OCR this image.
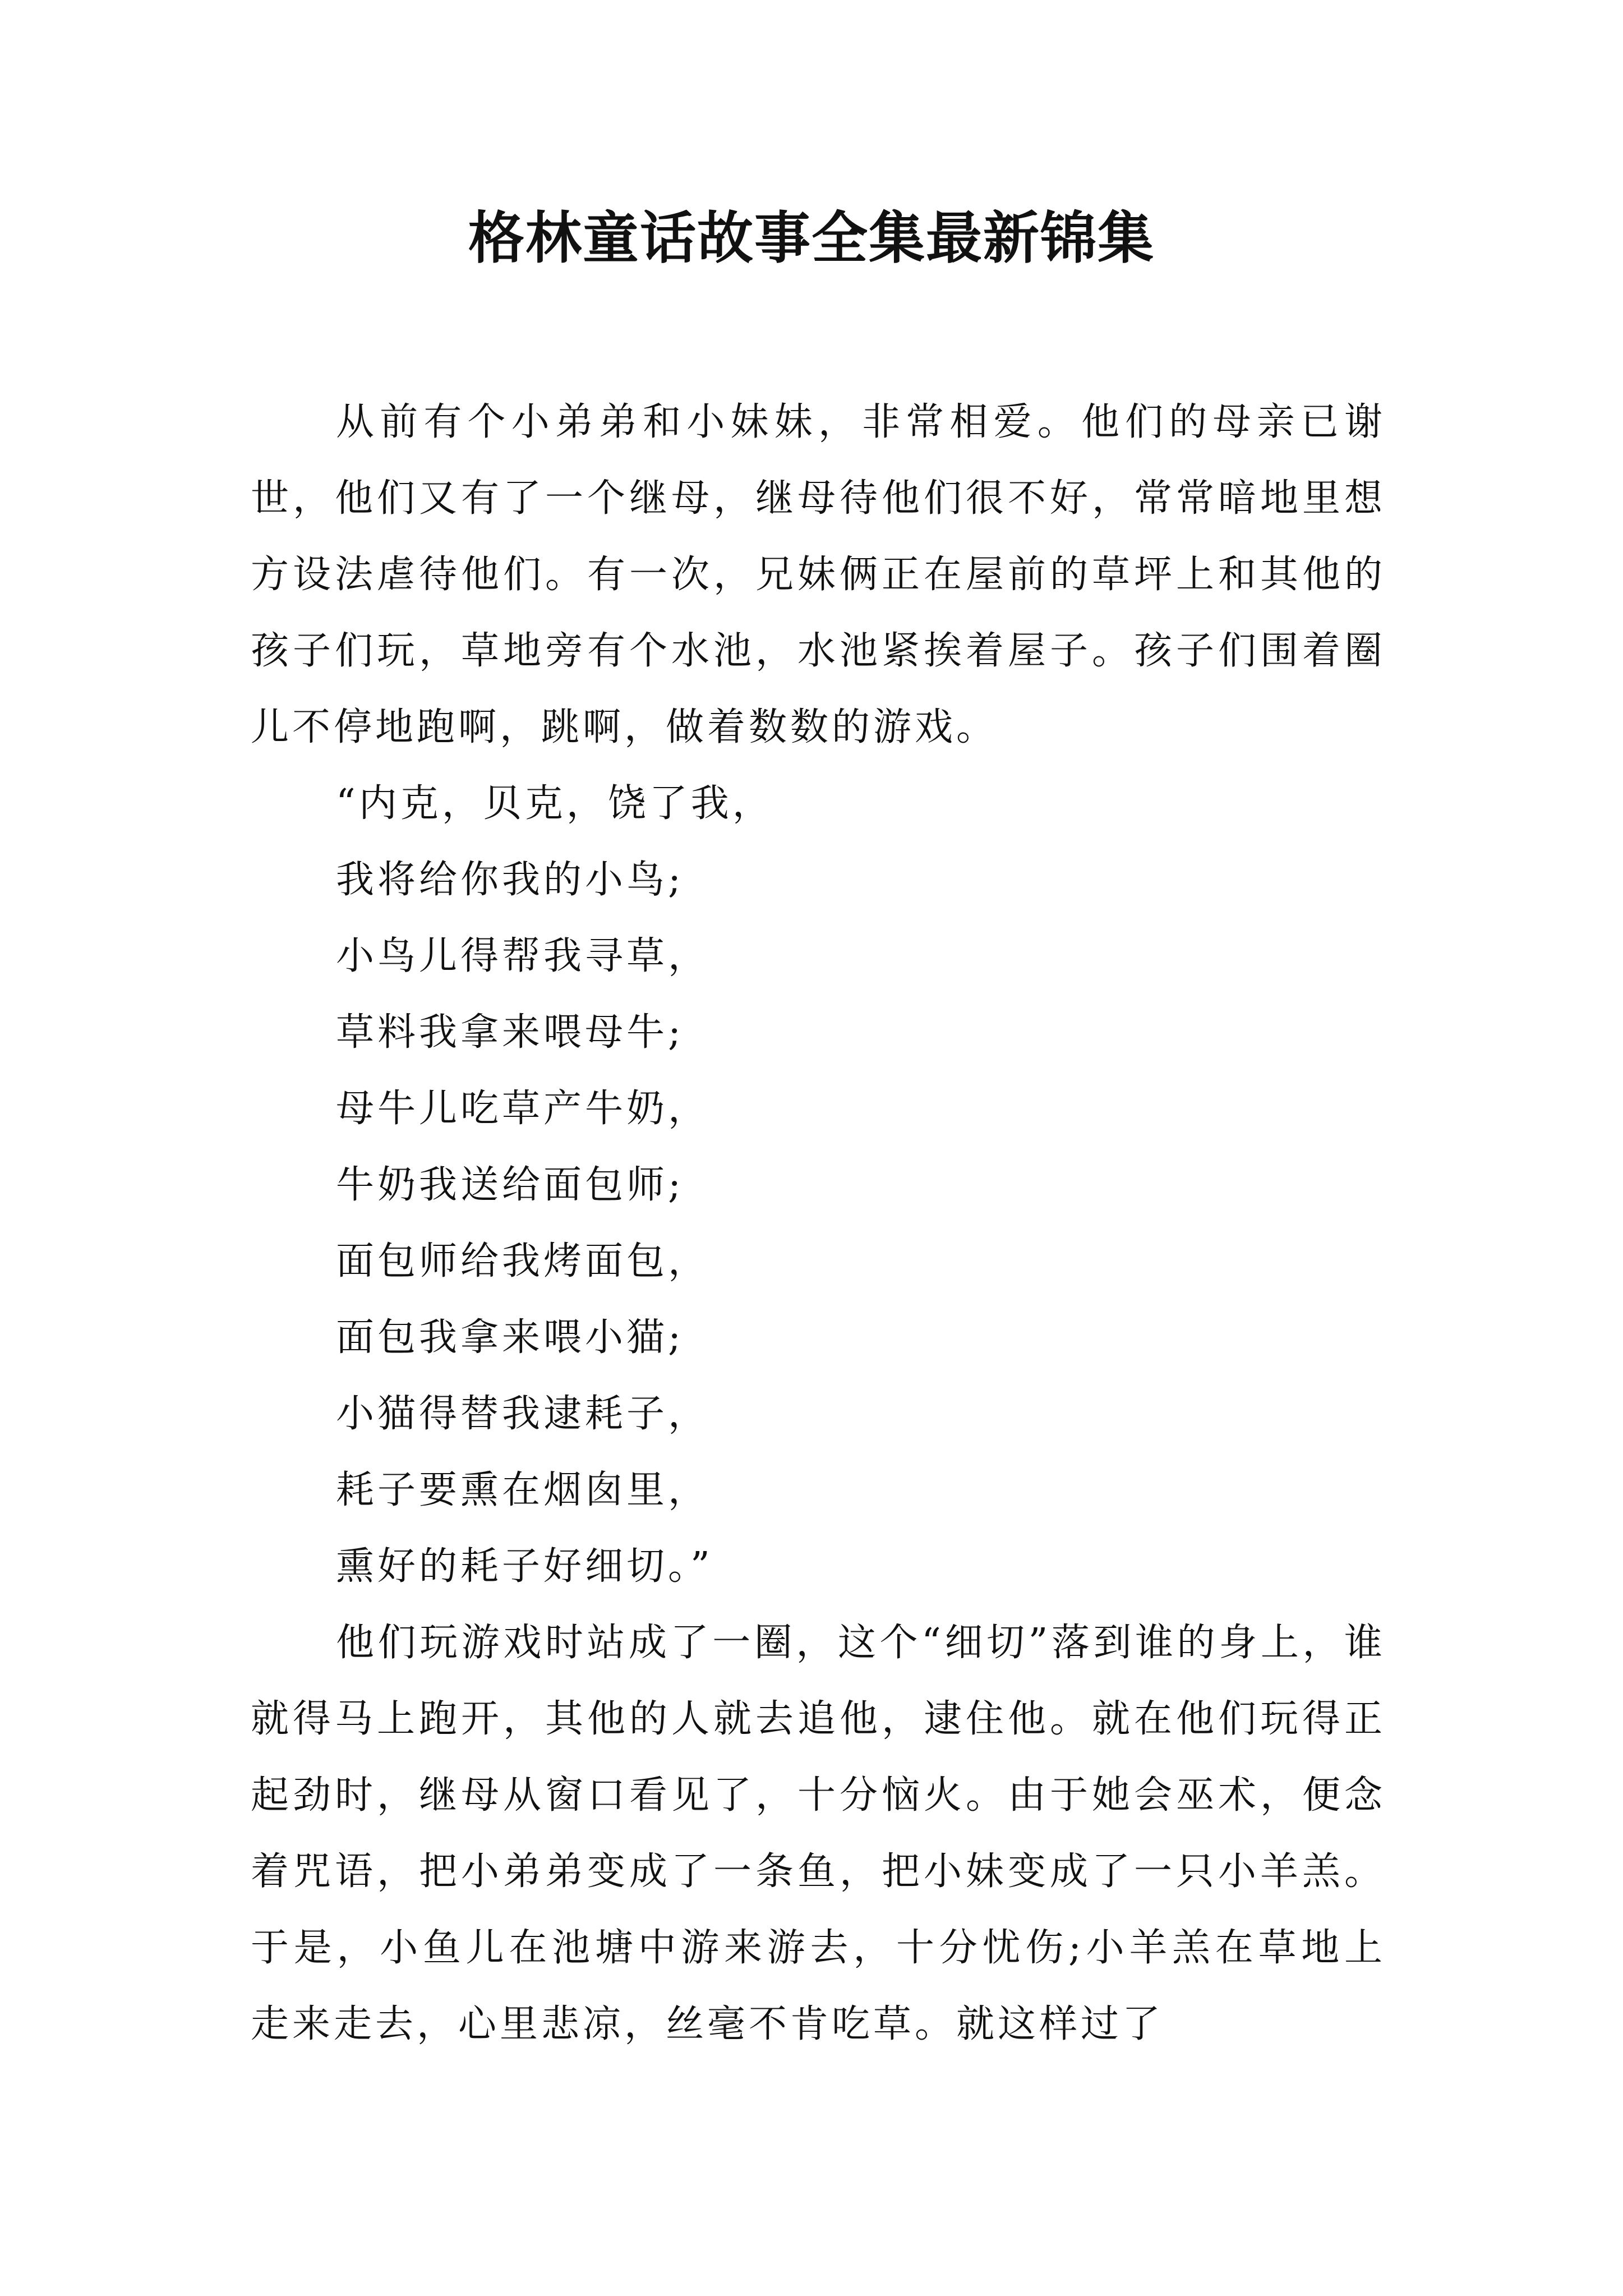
格林童话故事全集最新锦集

从前有个小弟弟和小妹妹，非常相爱。他们的母亲已谢世，他们又有了一个继母，继母待他们很不好，常常暗地里想方设法虐待他们。有一次，兄妹俩正在屋前的草坪上和其他的孩子们玩，草地旁有个水池，水池紧挨着屋子。孩子们围着圈儿不停地跑啊，跳啊，做着数数的游戏。

“内克，贝克，饶了我，

我将给你我的小鸟;

小鸟儿得帮我寻草，

草料我拿来喂母牛;

母牛儿吃草产牛奶，

牛奶我送给面包师;

面包师给我烤面包，

面包我拿来喂小猫;

小猫得替我逮耗子，

耗子要熏在烟囱里，

熏好的耗子好细切。”

他们玩游戏时站成了一圈，这个“细切”落到谁的身上，谁就得马上跑开，其他的人就去追他，逮住他。就在他们玩得正起劲时，继母从窗口看见了，十分恼火。由于她会巫术，便念着咒语，把小弟弟变成了一条鱼，把小妹变成了一只小羊羔。于是，小鱼儿在池塘中游来游去，十分忧伤;小羊羔在草地上走来走去，心里悲凉，丝毫不肯吃草。就这样过了
